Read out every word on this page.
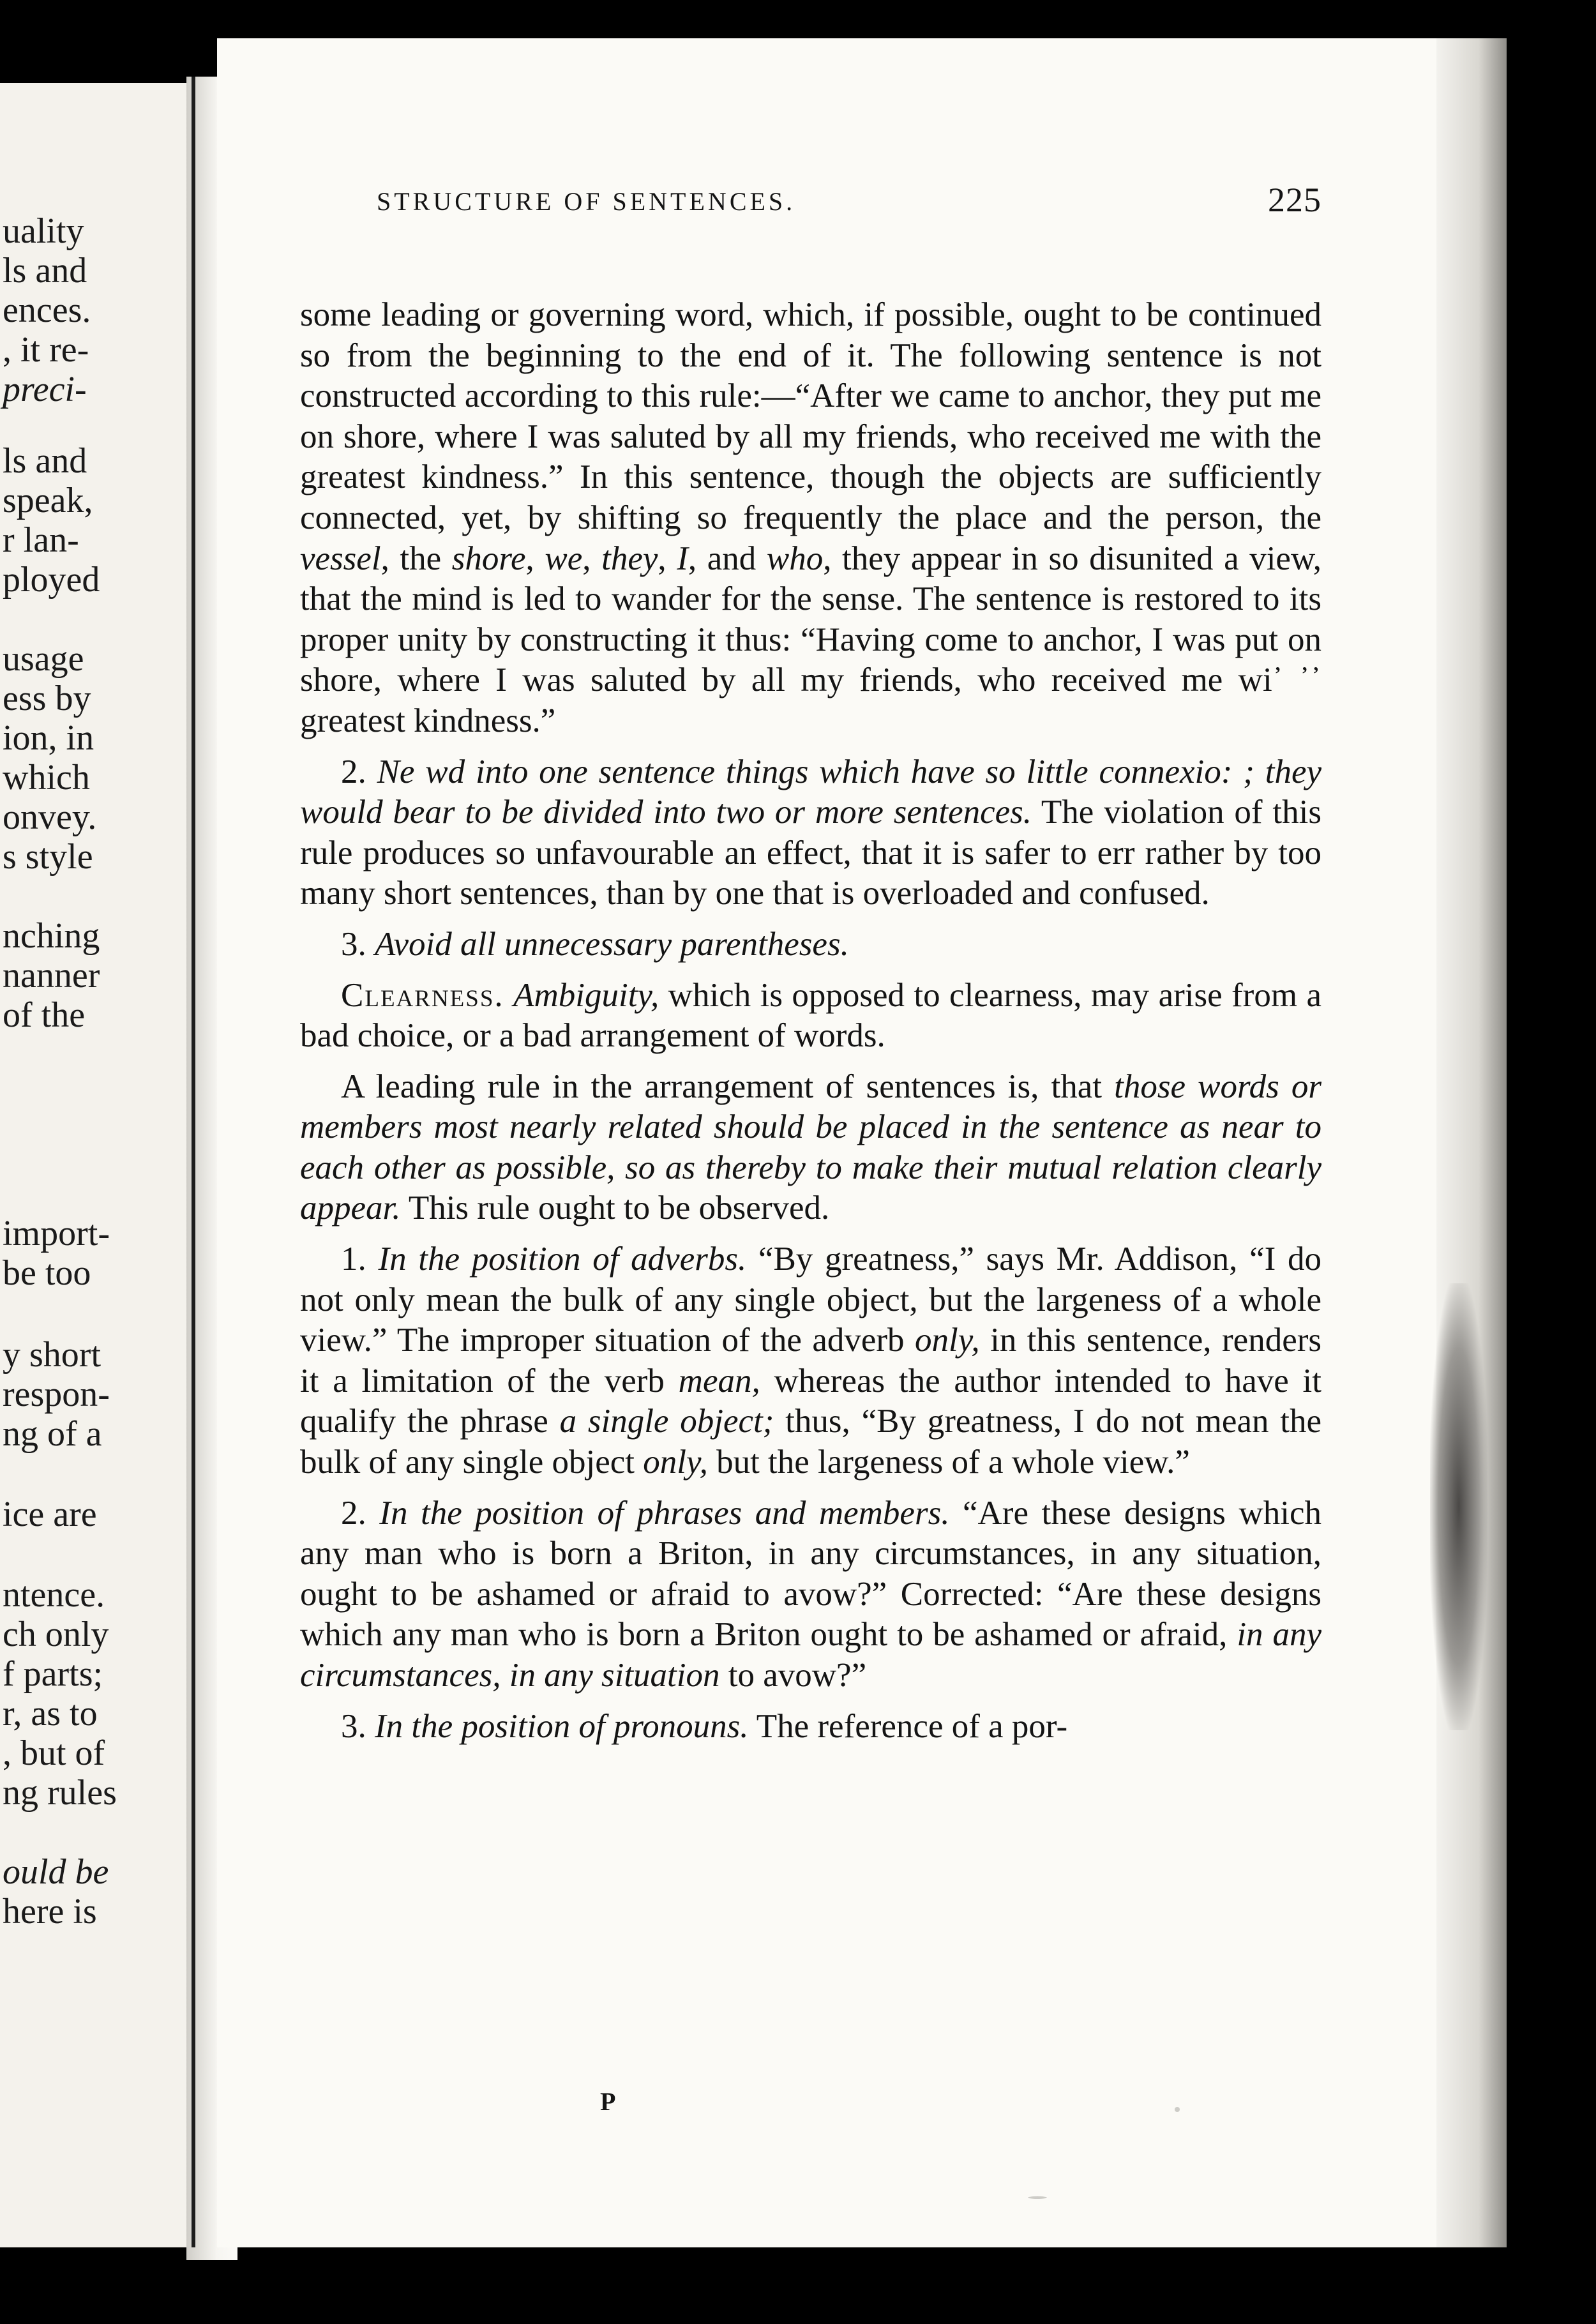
uality
ls and
ences.
, it re-
preci-
ls and
speak,
r lan-
ployed
usage
ess by
ion, in
which
onvey.
s style
nching
nanner
of the
import-
be too
y short
respon-
ng of a
ice are
ntence.
ch only
f parts;
r, as to
, but of
ng rules
ould be
here is
STRUCTURE OF SENTENCES.	225

some leading or governing word, which, if possible, ought to be continued so from the beginning to the end of it. The following sentence is not constructed according to this rule:—“After we came to anchor, they put me on shore, where I was saluted by all my friends, who received me with the greatest kindness.” In this sentence, though the objects are sufficiently connected, yet, by shifting so frequently the place and the person, the vessel, the shore, we, they, I, and who, they appear in so disunited a view, that the mind is led to wander for the sense. The sentence is restored to its proper unity by constructing it thus: “Having come to anchor, I was put on shore, where I was saluted by all my friends, who received me wi᾿ ᾿᾿ greatest kindness.”

2. Ne wd into one sentence things which have so little connexio: ; they would bear to be divided into two or more sentences. The violation of this rule produces so unfavourable an effect, that it is safer to err rather by too many short sentences, than by one that is overloaded and confused.

3. Avoid all unnecessary parentheses.

Clearness. Ambiguity, which is opposed to clearness, may arise from a bad choice, or a bad arrangement of words.

A leading rule in the arrangement of sentences is, that those words or members most nearly related should be placed in the sentence as near to each other as possible, so as thereby to make their mutual relation clearly appear. This rule ought to be observed.

1. In the position of adverbs. “By greatness,” says Mr. Addison, “I do not only mean the bulk of any single object, but the largeness of a whole view.” The improper situation of the adverb only, in this sentence, renders it a limitation of the verb mean, whereas the author intended to have it qualify the phrase a single object; thus, “By greatness, I do not mean the bulk of any single object only, but the largeness of a whole view.”

2. In the position of phrases and members. “Are these designs which any man who is born a Briton, in any circumstances, in any situation, ought to be ashamed or afraid to avow?” Corrected: “Are these designs which any man who is born a Briton ought to be ashamed or afraid, in any circumstances, in any situation to avow?”

3. In the position of pronouns. The reference of a por-

P
